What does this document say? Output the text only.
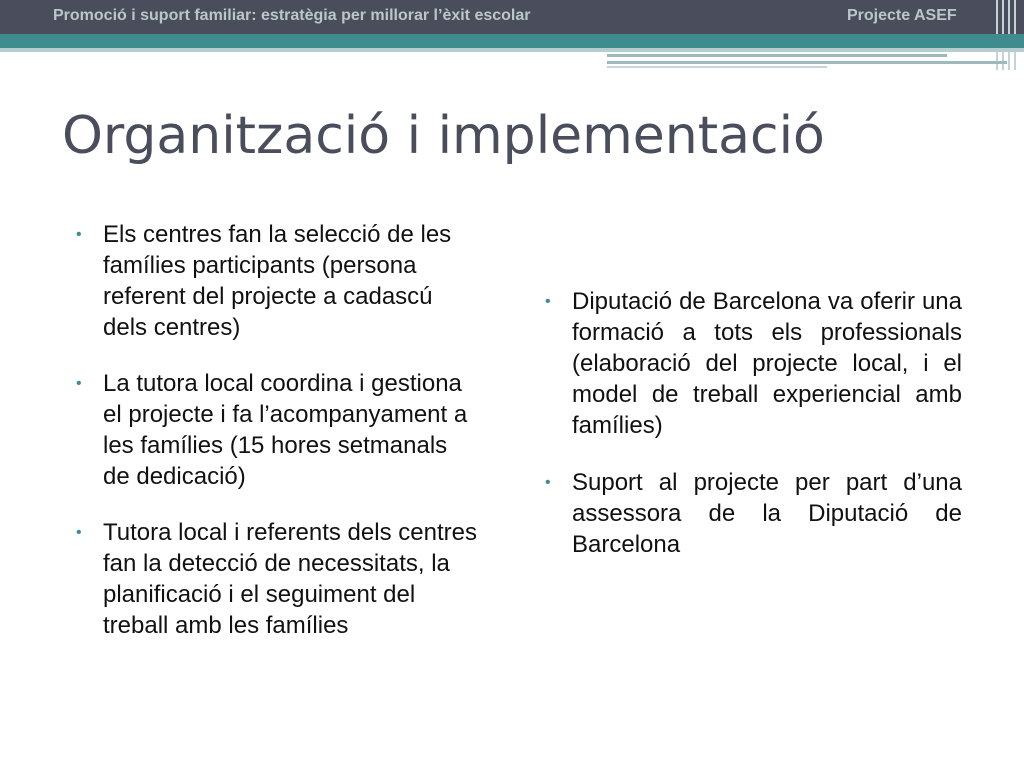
Promoció i suport familiar: estratègia per millorar l’èxit escolar	Projecte ASEF
Organització i implementació
• Els centres fan la selecció de les famílies participants (persona referent del projecte a cadascú dels centres)
• La tutora local coordina i gestiona el projecte i fa l’acompanyament a les famílies (15 hores setmanals de dedicació)
• Tutora local i referents dels centres fan la detecció de necessitats, la planificació i el seguiment del treball amb les famílies
• Diputació de Barcelona va oferir una formació a tots els professionals (elaboració del projecte local, i el model de treball experiencial amb famílies)
• Suport al projecte per part d’una assessora de la Diputació de Barcelona
